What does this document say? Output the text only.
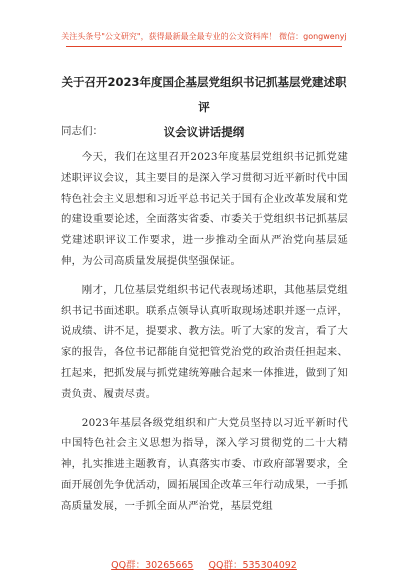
关注头条号"公文研究"，获得最新最全最专业的公文资料库！ 微信：gongwenyj
关于召开2023年度国企基层党组织书记抓基层党建述职评
议会议讲话提纲
同志们：

今天，我们在这里召开2023年度基层党组织书记抓党建述职评议会议，其主要目的是深入学习贯彻习近平新时代中国特色社会主义思想和习近平总书记关于国有企业改革发展和党的建设重要论述，全面落实省委、市委关于党组织书记抓基层党建述职评议工作要求，进一步推动全面从严治党向基层延伸，为公司高质量发展提供坚强保证。

刚才，几位基层党组织书记代表现场述职，其他基层党组织书记书面述职。联系点领导认真听取现场述职并逐一点评，说成绩、讲不足，提要求、教方法。听了大家的发言，看了大家的报告，各位书记都能自觉把管党治党的政治责任担起来、扛起来，把抓发展与抓党建统筹融合起来一体推进，做到了知责负责、履责尽责。

2023年基层各级党组织和广大党员坚持以习近平新时代中国特色社会主义思想为指导，深入学习贯彻党的二十大精神，扎实推进主题教育，认真落实市委、市政府部署要求，全面开展创先争优活动，圆拓展国企改革三年行动成果，一手抓高质量发展，一手抓全面从严治党，基层党组

QQ群：30265665 QQ群：535304092
